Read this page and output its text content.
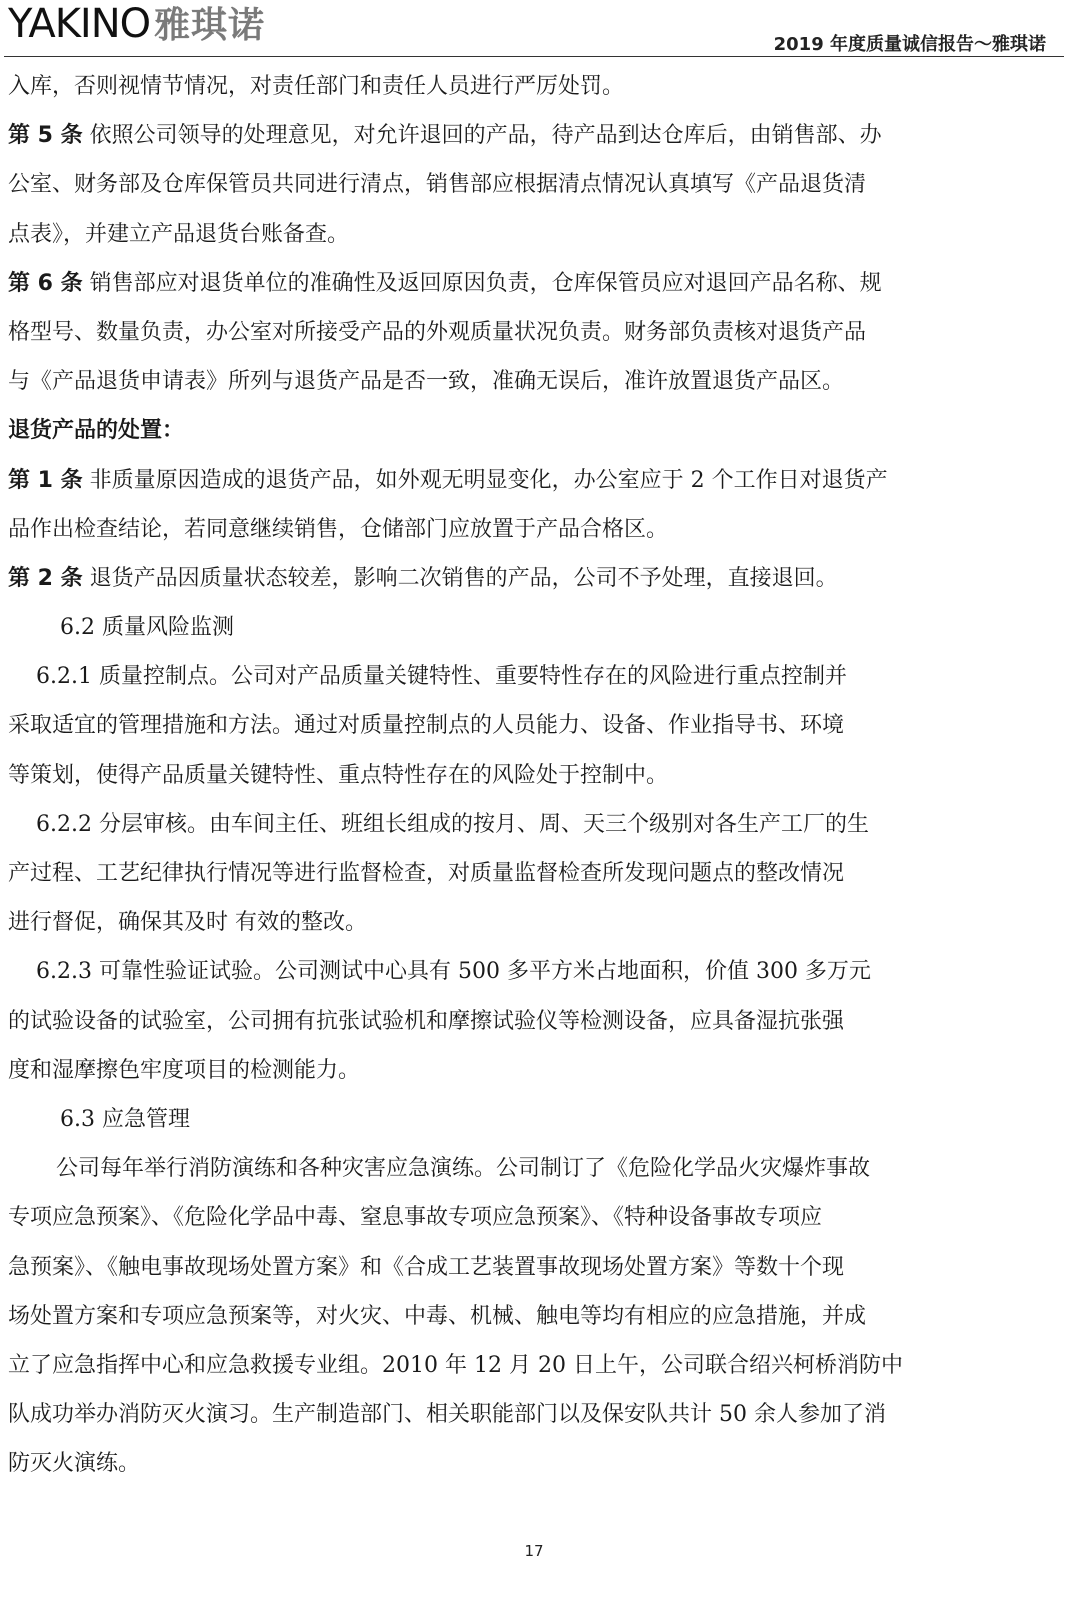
YAKINO 雅琪诺	2019 年度质量诚信报告～雅琪诺
入库，否则视情节情况，对责任部门和责任人员进行严厉处罚。
第 5 条 依照公司领导的处理意见，对允许退回的产品，待产品到达仓库后，由销售部、办
公室、财务部及仓库保管员共同进行清点，销售部应根据清点情况认真填写《产品退货清
点表》，并建立产品退货台账备查。
第 6 条 销售部应对退货单位的准确性及返回原因负责，仓库保管员应对退回产品名称、规
格型号、数量负责，办公室对所接受产品的外观质量状况负责。财务部负责核对退货产品
与《产品退货申请表》所列与退货产品是否一致，准确无误后，准许放置退货产品区。
退货产品的处置：
第 1 条 非质量原因造成的退货产品，如外观无明显变化，办公室应于 2 个工作日对退货产
品作出检查结论，若同意继续销售，仓储部门应放置于产品合格区。
第 2 条 退货产品因质量状态较差，影响二次销售的产品，公司不予处理，直接退回。
6.2 质量风险监测
6.2.1 质量控制点。公司对产品质量关键特性、重要特性存在的风险进行重点控制并
采取适宜的管理措施和方法。通过对质量控制点的人员能力、设备、作业指导书、环境
等策划，使得产品质量关键特性、重点特性存在的风险处于控制中。
6.2.2 分层审核。由车间主任、班组长组成的按月、周、天三个级别对各生产工厂的生
产过程、工艺纪律执行情况等进行监督检查，对质量监督检查所发现问题点的整改情况
进行督促，确保其及时 有效的整改。
6.2.3 可靠性验证试验。公司测试中心具有 500 多平方米占地面积，价值 300 多万元
的试验设备的试验室，公司拥有抗张试验机和摩擦试验仪等检测设备，应具备湿抗张强
度和湿摩擦色牢度项目的检测能力。
6.3 应急管理
公司每年举行消防演练和各种灾害应急演练。公司制订了《危险化学品火灾爆炸事故
专项应急预案》、《危险化学品中毒、窒息事故专项应急预案》、《特种设备事故专项应
急预案》、《触电事故现场处置方案》和《合成工艺装置事故现场处置方案》等数十个现
场处置方案和专项应急预案等，对火灾、中毒、机械、触电等均有相应的应急措施，并成
立了应急指挥中心和应急救援专业组。2010 年 12 月 20 日上午，公司联合绍兴柯桥消防中
队成功举办消防灭火演习。生产制造部门、相关职能部门以及保安队共计 50 余人参加了消
防灭火演练。
17
